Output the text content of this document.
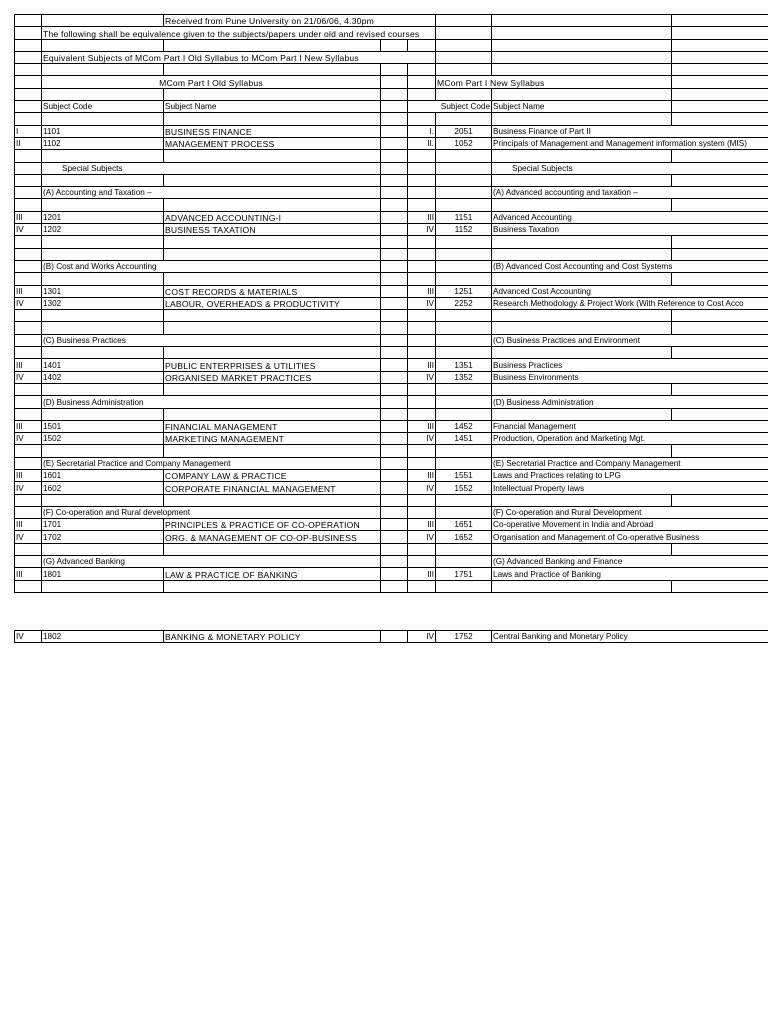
		Received from Pune University on 21/06/06, 4.30pm					
	The following shall be equivalence given to the subjects/papers under old and revised courses						

	Equivalent Subjects of MCom Part I Old Syllabus to MCom Part I New Syllabus						

	MCom Part I Old Syllabus				MCom Part I New Syllabus		

	Subject Code	Subject Name		Subject Code		Subject Name	

I	1101	BUSINESS FINANCE		I.	2051	Business Finance of Part II	
II	1102	MANAGEMENT PROCESS		II.	1052	Principals of Management and Management information system (MIS)	

	Special Subjects					Special Subjects	

	(A) Accounting and Taxation –					(A) Advanced accounting and taxation –	

III	1201	ADVANCED ACCOUNTING-I		III	1151	Advanced Accounting	
IV	1202	BUSINESS TAXATION		IV	1152	Business Taxation	

	(B) Cost and Works Accounting					(B) Advanced Cost Accounting and Cost Systems	

III	1301	COST RECORDS & MATERIALS		III	1251	Advanced Cost Accounting	
IV	1302	LABOUR, OVERHEADS & PRODUCTIVITY		IV	2252	Research Methodology & Project Work (With Reference to Cost Acco	

	(C) Business Practices					(C) Business Practices and Environment	

III	1401	PUBLIC ENTERPRISES & UTILITIES		III	1351	Business Practices	
IV	1402	ORGANISED MARKET PRACTICES		IV	1352	Business Environments	

	(D) Business Administration					(D) Business Administration	

III	1501	FINANCIAL MANAGEMENT		III	1452	Financial Management	
IV	1502	MARKETING MANAGEMENT		IV	1451	Production, Operation and Marketing Mgt.	

	(E) Secretarial Practice and Company Management					(E) Secretarial Practice and Company Management	
III	1601	COMPANY LAW & PRACTICE		III	1551	Laws and Practices relating to LPG	
IV	1602	CORPORATE FINANCIAL MANAGEMENT		IV	1552	Intellectual Property laws	

	(F) Co-operation and Rural development					(F) Co-operation and Rural Development	
III	1701	PRINCIPLES & PRACTICE OF CO-OPERATION		III	1651	Co-operative Movement in India and Abroad	
IV	1702	ORG. & MANAGEMENT OF CO-OP-BUSINESS		IV	1652	Organisation and Management of Co-operative Business	

	(G) Advanced Banking					(G) Advanced Banking and Finance	
III	1801	LAW & PRACTICE OF BANKING		III	1751	Laws and Practice of Banking	

IV	1802	BANKING & MONETARY POLICY		IV	1752	Central Banking and Monetary Policy	
